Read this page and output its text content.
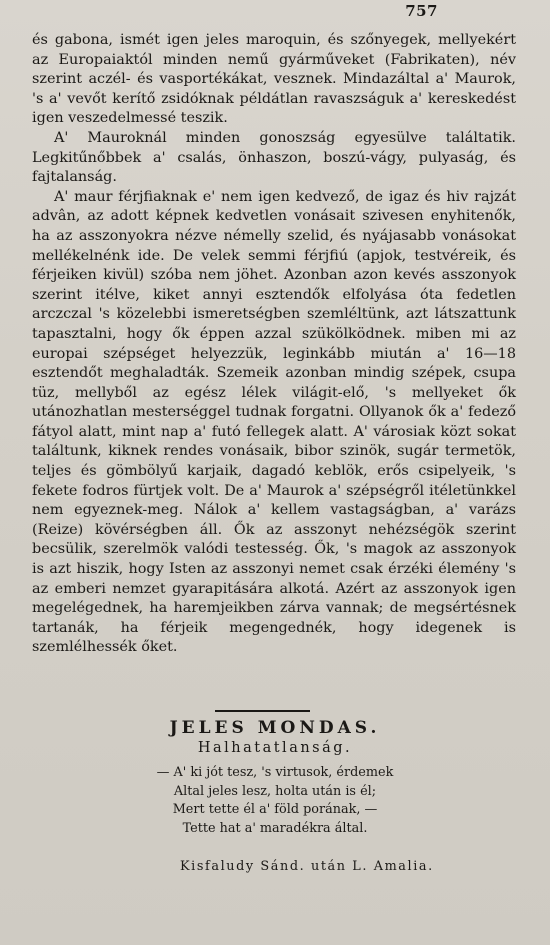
757

és gabona, ismét igen jeles maroquin, és szőnyegek, mellyekért az Europaiaktól minden nemű gyárműveket (Fabrikaten), név szerint aczél- és vasportékákat, vesznek. Mindazáltal a' Maurok, 's a' vevőt kerítő zsidóknak példátlan ravaszságuk a' kereskedést igen veszedelmessé teszik.

A' Mauroknál minden gonoszság egyesülve találtatik. Legkitűnőbbek a' csalás, önhaszon, boszú-vágy, pulyaság, és fajtalanság.

A' maur férjfiaknak e' nem igen kedvező, de igaz és hiv rajzát advân, az adott képnek kedvetlen vonásait szivesen enyhitenők, ha az asszonyokra nézve némelly szelid, és nyájasabb vonásokat mellékelnénk ide. De velek semmi férjfiú (apjok, testvéreik, és férjeiken kivül) szóba nem jöhet. Azonban azon kevés asszonyok szerint itélve, kiket annyi esztendők elfolyása óta fedetlen arczczal 's közelebbi ismeretségben szemléltünk, azt látszattunk tapasztalni, hogy ők éppen azzal szükölködnek. miben mi az europai szépséget helyezzük, leginkább miután a' 16—18 esztendőt meghaladták. Szemeik azonban mindig szépek, csupa tüz, mellyből az egész lélek világit-elő, 's mellyeket ők utánozhatlan mesterséggel tudnak forgatni. Ollyanok ők a' fedező fátyol alatt, mint nap a' futó fellegek alatt. A' városiak közt sokat találtunk, kiknek rendes vonásaik, bibor szinök, sugár termetök, teljes és gömbölyű karjaik, dagadó keblök, erős csipelyeik, 's fekete fodros fürtjek volt. De a' Maurok a' szépségről itéletünkkel nem egyeznek-meg. Nálok a' kellem vastagságban, a' varázs (Reize) kövérségben áll. Ők az asszonyt nehézségök szerint becsülik, szerelmök valódi testesség. Ők, 's magok az asszonyok is azt hiszik, hogy Isten az asszonyi nemet csak érzéki élemény 's az emberi nemzet gyarapitására alkotá. Azért az asszonyok igen megelégednek, ha haremjeikben zárva vannak; de megsértésnek tartanák, ha férjeik megengednék, hogy idegenek is szemlélhessék őket.

JELES MONDAS.
Halhatatlanság.
— A' ki jót tesz, 's virtusok, érdemek
Altal jeles lesz, holta után is él;
Mert tette él a' föld porának, —
Tette hat a' maradékra által.
Kisfaludy Sánd. után L. Amalia.
